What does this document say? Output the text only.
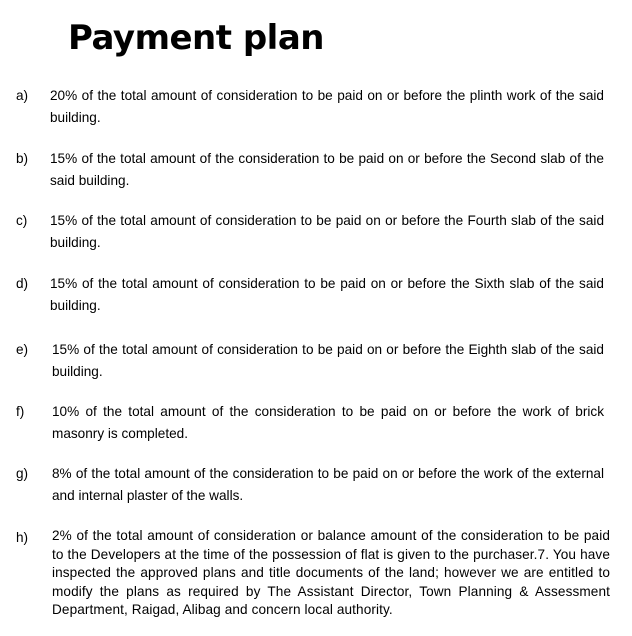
Payment plan
a) 20% of the total amount of consideration to be paid on or before the plinth work of the said building.
b) 15% of the total amount of the consideration to be paid on or before the Second slab of the said building.
c) 15% of the total amount of consideration to be paid on or before the Fourth slab of the said building.
d) 15% of the total amount of consideration to be paid on or before the Sixth slab of the said building.
e) 15% of the total amount of consideration to be paid on or before the Eighth slab of the said building.
f) 10% of the total amount of the consideration to be paid on or before the work of brick masonry is completed.
g) 8% of the total amount of the consideration to be paid on or before the work of the external and internal plaster of the walls.
h) 2% of the total amount of consideration or balance amount of the consideration to be paid to the Developers at the time of the possession of flat is given to the purchaser.7. You have inspected the approved plans and title documents of the land; however we are entitled to modify the plans as required by The Assistant Director, Town Planning & Assessment Department, Raigad, Alibag and concern local authority.
